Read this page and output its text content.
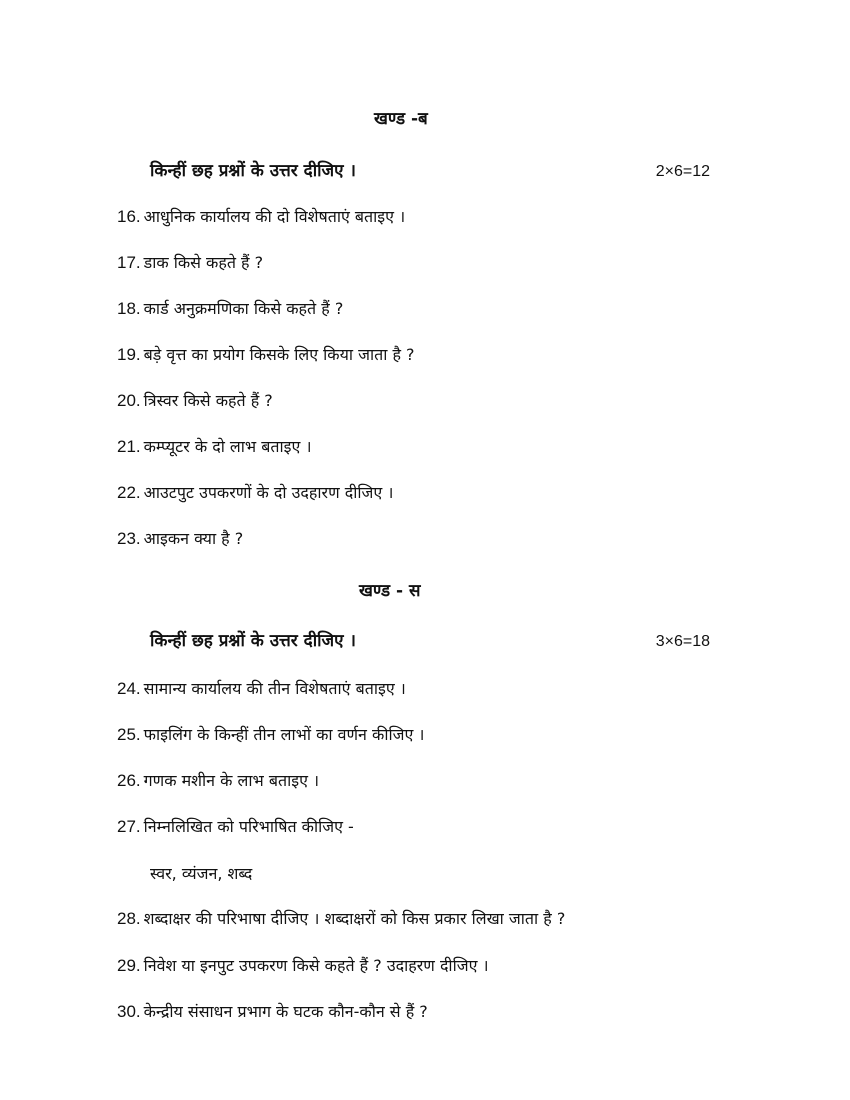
खण्ड -ब
किन्हीं छह प्रश्नों के उत्तर दीजिए ।	2×6=12
16. आधुनिक कार्यालय की दो विशेषताएं बताइए ।
17. डाक किसे कहते हैं ?
18. कार्ड अनुक्रमणिका किसे कहते हैं ?
19. बड़े वृत्त का प्रयोग किसके लिए किया जाता है ?
20. त्रिस्वर किसे कहते हैं ?
21. कम्प्यूटर के दो लाभ बताइए ।
22. आउटपुट उपकरणों के दो उदहारण दीजिए ।
23. आइकन क्या है ?
खण्ड - स
किन्हीं छह प्रश्नों के उत्तर दीजिए ।	3×6=18
24. सामान्य कार्यालय की तीन विशेषताएं बताइए ।
25. फाइलिंग के किन्हीं तीन लाभों का वर्णन कीजिए ।
26. गणक मशीन के लाभ बताइए ।
27. निम्नलिखित को परिभाषित कीजिए -
स्वर, व्यंजन, शब्द
28. शब्दाक्षर की परिभाषा दीजिए । शब्दाक्षरों को किस प्रकार लिखा जाता है ?
29. निवेश या इनपुट उपकरण किसे कहते हैं ? उदाहरण दीजिए ।
30. केन्द्रीय संसाधन प्रभाग के घटक कौन-कौन से हैं ?
